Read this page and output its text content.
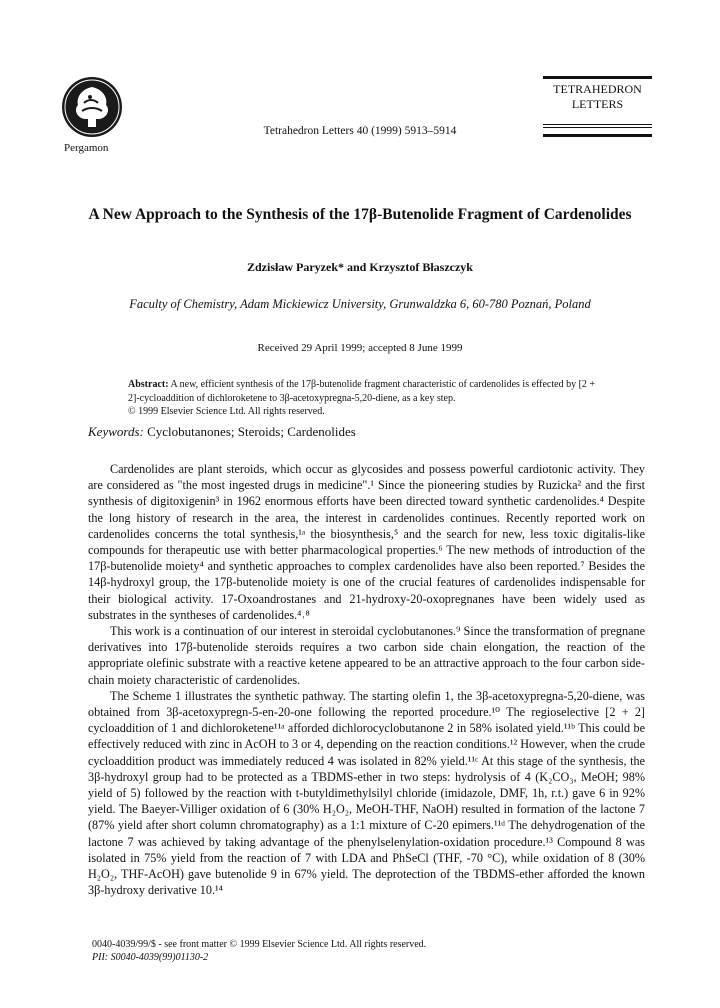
Pergamon
Tetrahedron Letters 40 (1999) 5913–5914
TETRAHEDRON
LETTERS
A New Approach to the Synthesis of the 17β-Butenolide Fragment of Cardenolides
Zdzisław Paryzek* and Krzysztof Błaszczyk
Faculty of Chemistry, Adam Mickiewicz University, Grunwaldzka 6, 60-780 Poznań, Poland
Received 29 April 1999; accepted 8 June 1999
Abstract: A new, efficient synthesis of the 17β-butenolide fragment characteristic of cardenolides is effected by [2 + 2]-cycloaddition of dichloroketene to 3β-acetoxypregna-5,20-diene, as a key step.
© 1999 Elsevier Science Ltd. All rights reserved.
Keywords: Cyclobutanones; Steroids; Cardenolides

Cardenolides are plant steroids, which occur as glycosides and possess powerful cardiotonic activity. They are considered as "the most ingested drugs in medicine".¹ Since the pioneering studies by Ruzicka² and the first synthesis of digitoxigenin³ in 1962 enormous efforts have been directed toward synthetic cardenolides.⁴ Despite the long history of research in the area, the interest in cardenolides continues. Recently reported work on cardenolides concerns the total synthesis,¹ᵃ the biosynthesis,⁵ and the search for new, less toxic digitalis-like compounds for therapeutic use with better pharmacological properties.⁶ The new methods of introduction of the 17β-butenolide moiety⁴ and synthetic approaches to complex cardenolides have also been reported.⁷ Besides the 14β-hydroxyl group, the 17β-butenolide moiety is one of the crucial features of cardenolides indispensable for their biological activity. 17-Oxoandrostanes and 21-hydroxy-20-oxopregnanes have been widely used as substrates in the syntheses of cardenolides.⁴˒⁸

This work is a continuation of our interest in steroidal cyclobutanones.⁹ Since the transformation of pregnane derivatives into 17β-butenolide steroids requires a two carbon side chain elongation, the reaction of the appropriate olefinic substrate with a reactive ketene appeared to be an attractive approach to the four carbon side-chain moiety characteristic of cardenolides.

The Scheme 1 illustrates the synthetic pathway. The starting olefin 1, the 3β-acetoxypregna-5,20-diene, was obtained from 3β-acetoxypregn-5-en-20-one following the reported procedure.¹⁰ The regioselective [2 + 2] cycloaddition of 1 and dichloroketene¹¹ᵃ afforded dichlorocyclobutanone 2 in 58% isolated yield.¹¹ᵇ This could be effectively reduced with zinc in AcOH to 3 or 4, depending on the reaction conditions.¹² However, when the crude cycloaddition product was immediately reduced 4 was isolated in 82% yield.¹¹ᶜ At this stage of the synthesis, the 3β-hydroxyl group had to be protected as a TBDMS-ether in two steps: hydrolysis of 4 (K₂CO₃, MeOH; 98% yield of 5) followed by the reaction with t-butyldimethylsilyl chloride (imidazole, DMF, 1h, r.t.) gave 6 in 92% yield. The Baeyer-Villiger oxidation of 6 (30% H₂O₂, MeOH-THF, NaOH) resulted in formation of the lactone 7 (87% yield after short column chromatography) as a 1:1 mixture of C-20 epimers.¹¹ᵈ The dehydrogenation of the lactone 7 was achieved by taking advantage of the phenylselenylation-oxidation procedure.¹³ Compound 8 was isolated in 75% yield from the reaction of 7 with LDA and PhSeCl (THF, -70 °C), while oxidation of 8 (30% H₂O₂, THF-AcOH) gave butenolide 9 in 67% yield. The deprotection of the TBDMS-ether afforded the known 3β-hydroxy derivative 10.¹⁴

0040-4039/99/$ - see front matter © 1999 Elsevier Science Ltd. All rights reserved.
PII: S0040-4039(99)01130-2
